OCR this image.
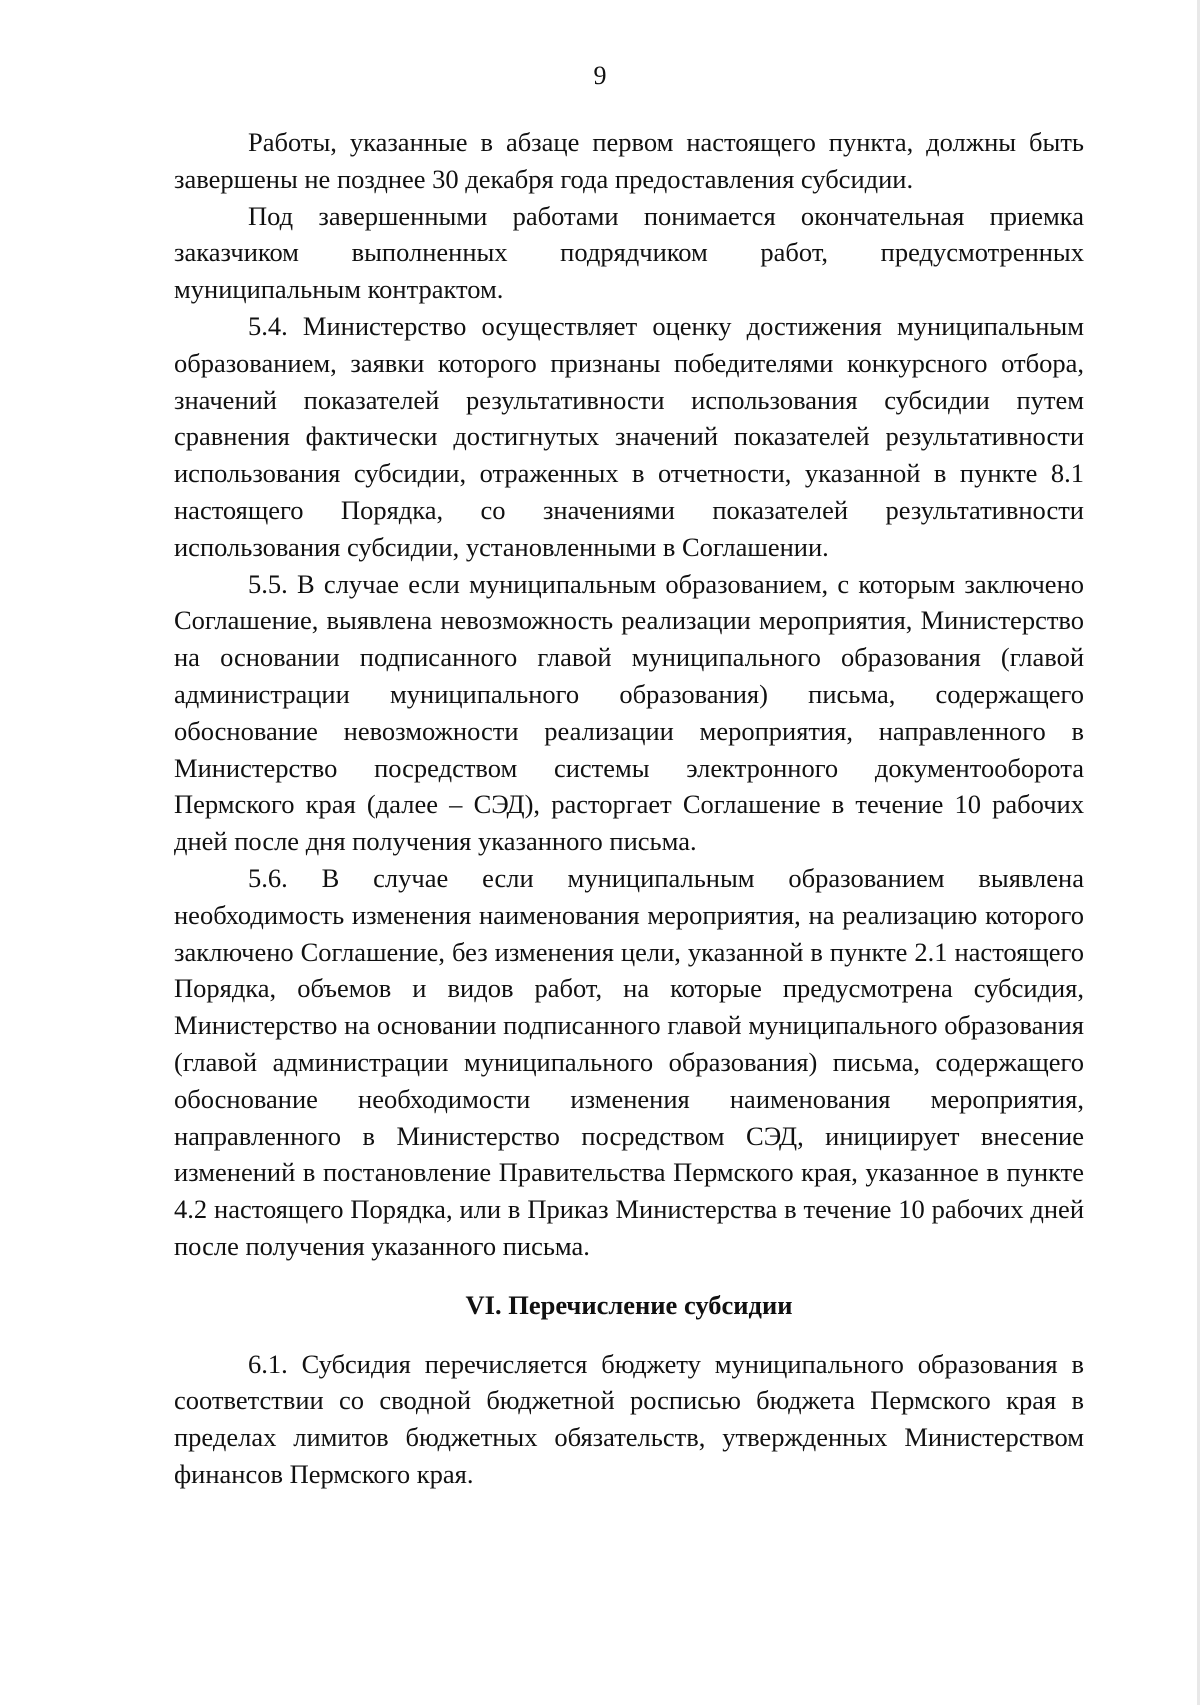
9

Работы, указанные в абзаце первом настоящего пункта, должны быть завершены не позднее 30 декабря года предоставления субсидии.

Под завершенными работами понимается окончательная приемка заказчиком выполненных подрядчиком работ, предусмотренных муниципальным контрактом.

5.4. Министерство осуществляет оценку достижения муниципальным образованием, заявки которого признаны победителями конкурсного отбора, значений показателей результативности использования субсидии путем сравнения фактически достигнутых значений показателей результативности использования субсидии, отраженных в отчетности, указанной в пункте 8.1 настоящего Порядка, со значениями показателей результативности использования субсидии, установленными в Соглашении.

5.5. В случае если муниципальным образованием, с которым заключено Соглашение, выявлена невозможность реализации мероприятия, Министерство на основании подписанного главой муниципального образования (главой администрации муниципального образования) письма, содержащего обоснование невозможности реализации мероприятия, направленного в Министерство посредством системы электронного документооборота Пермского края (далее – СЭД), расторгает Соглашение в течение 10 рабочих дней после дня получения указанного письма.

5.6. В случае если муниципальным образованием выявлена необходимость изменения наименования мероприятия, на реализацию которого заключено Соглашение, без изменения цели, указанной в пункте 2.1 настоящего Порядка, объемов и видов работ, на которые предусмотрена субсидия, Министерство на основании подписанного главой муниципального образования (главой администрации муниципального образования) письма, содержащего обоснование необходимости изменения наименования мероприятия, направленного в Министерство посредством СЭД, инициирует внесение изменений в постановление Правительства Пермского края, указанное в пункте 4.2 настоящего Порядка, или в Приказ Министерства в течение 10 рабочих дней после получения указанного письма.

VI. Перечисление субсидии

6.1. Субсидия перечисляется бюджету муниципального образования в соответствии со сводной бюджетной росписью бюджета Пермского края в пределах лимитов бюджетных обязательств, утвержденных Министерством финансов Пермского края.
